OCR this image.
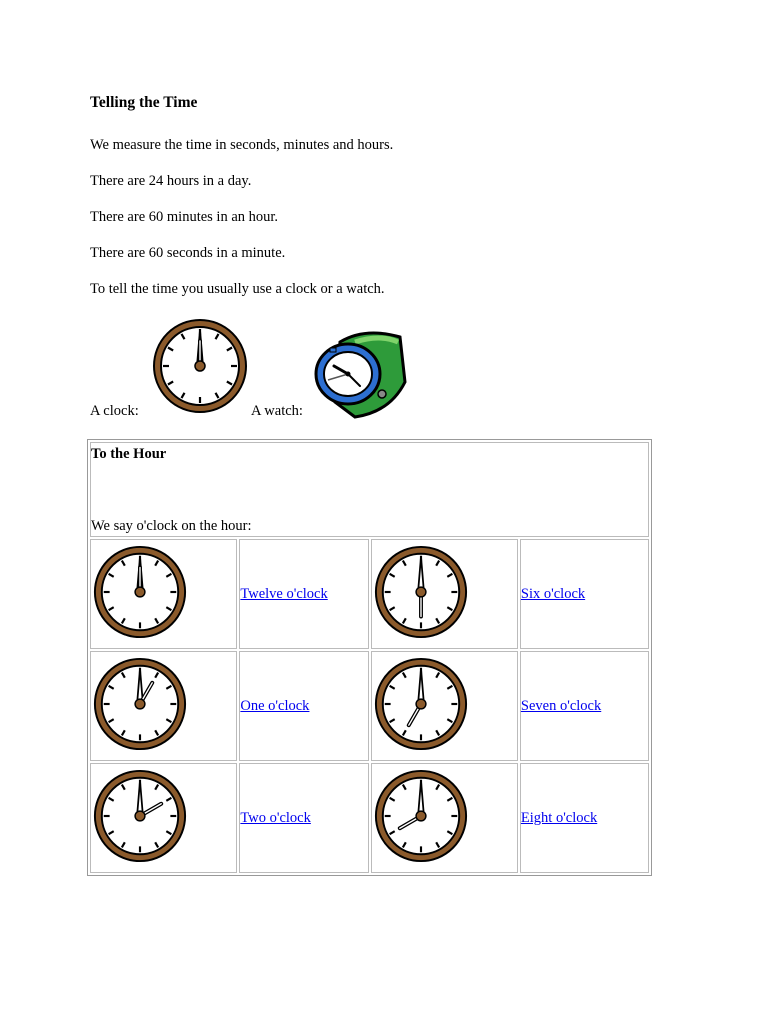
Telling the Time

We measure the time in seconds, minutes and hours.

There are 24 hours in a day.

There are 60 minutes in an hour.

There are 60 seconds in a minute.

To tell the time you usually use a clock or a watch.

A clock:	A watch:
To the Hour
We say o'clock on the hour:			

	Twelve o'clock		Six o'clock
	One o'clock		Seven o'clock
	Two o'clock		Eight o'clock
